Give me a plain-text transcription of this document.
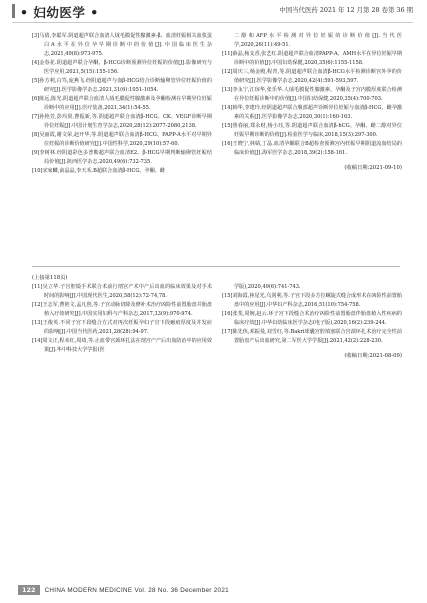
• 妇幼医学 •	中国当代医药 2021 年 12 月第 28 卷第 36 期

[3]马倩,李聪军.阴道超声联合血清人绒毛膜促性腺激素-β、血清妊娠相关血浆蛋白A水平在异位孕早期诊断中的价值[J].中国临床医生杂志,2021,49(8):973-975.

[4]金春花.阴道超声联合孕酮、β-HCG诊断预测异位妊娠的价值[J].影像研究与医学应用,2021,5(15):155-156.

[5]孙方利,白笃,庞燕飞.经阴道超声与血β-HCG结合诊断输卵管异位妊娠价值的研究[J].医学影像学杂志,2021,31(6):1051-1054.

[6]陈远,陈光.阴道超声联合血清人绒毛膜促性腺激素及孕酮检测在早期异位妊娠诊断中的应用[J].医疗装备,2021,34(1):54-55.

[7]孙艳芳,彭玛贤,曹振新,等.阴道超声联合血清β-HCG、CK、VEGF诊断早期异位妊娠[J].中国计划生育学杂志,2020,28(12):2077-2080,2138.

[8]吴丽霞,谢文荣,赵开华,等.阴道超声联合血清β-HCG、PAPP-A水平对早期异位妊娠的诊断价值研究[J].中国性科学,2020,29(10):57-60.

[9]李树林.经阴道彩色多普勒超声联合血清E2、β-HCG早期判断输卵管妊娠结局价值[J].陕西医学杂志,2020,49(6):732-735.

[10]宋家麟,俞晶晶,李天禾.B超联合血清β-HCG、孕酮、雌

二醇和AFP水平检测对异位妊娠的诊断价值[J].当代医学,2020,26(11):49-51.

[11]薛晶,杨支香,张艺红.阴道超声联合血清PAPP-A、AMH水平在异位妊娠早期诊断中的价值[J].中国妇幼保健,2020,35(6):1155-1158.

[12]周庆三,杨金殿,程青,等.阴道超声联合血清β-HCG水平检测诊断宫外孕的价值研究[J].医学影像学杂志,2020,42(4):591-593,597.

[13]李永宁,江琼华,张乐华.人绒毛膜促性腺激素、孕酮及子宫内膜厚度联合检测在异位妊娠诊断中的价值[J].中国妇幼保健,2020,35(4):700-703.

[14]韩华,李建玲.经阴道超声联合腹部超声诊断异位妊娠与血清β-HCG、雌孕激素的关系[J].医学影像学杂志,2020,30(1):160-163.

[15]鲁春丽,郑永财,杨小珏,等.阴道超声联合血清β-hCG、孕酮、雌二醇对异位妊娠早期诊断的价值[J].检验医学与临床,2018,15(3):297-300.

[16]王晓宁,林婧,丁晶.血清孕酮联合B超检查预测宫内妊娠早期阴道流血结局的临床价值[J].海军医学杂志,2018,39(2):158-161.

(收稿日期:2021-09-10)

(上接第118页)

[11]吴立华.子宫腔镜手术联合术前行剖宫产术中产后出血的临床效果及对手术时间的影响[J].中国现代医生,2020,58(12):72-74,78.

[12]王志军,曹艳文,孟凡创,等.子宫动脉切除及修补术治疗凶险性前置胎盘并胎盘植入疗效研究[J].中国实用妇科与产科杂志,2017,33(9):970-974.

[13]王俊英.不同子宫下段缝合方式对再次妊娠孕妇子宫下段瘢痕厚度及并发症的影响[J].中国当代医药,2021,28(28):94-97.

[14]周文正,程未红,周琦,等.止血带宫颈环扎法在剖宫产产后出血防治中的应用效果[J].华中科技大学学报(医

学版),2020,49(6):741-743.

[15]刘海霞,林星光,乌剑利,等.子宫下段多方位螺旋式缝合成形术在凶险性前置胎盘中的应用[J].中华妇产科杂志,2016,51(10):754-758.

[16]张斐,周婉,赵云.环子宫下段缝合术治疗凶险性前置胎盘伴胎盘植入性疾病的临床疗效[J].中华妇幼临床医学杂志(电子版),2020,16(2):239-244.

[17]陈先侠,邓振曼,刘雪红,等.Bakri球囊宫腔填塞联合宫颈环扎术治疗完全性前置胎盘产后出血研究,第二军医大学学报[J].2021,42(2):228-230.

(收稿日期:2021-08-09)

122	CHINA MODERN MEDICINE Vol. 28 No. 36 December 2021
